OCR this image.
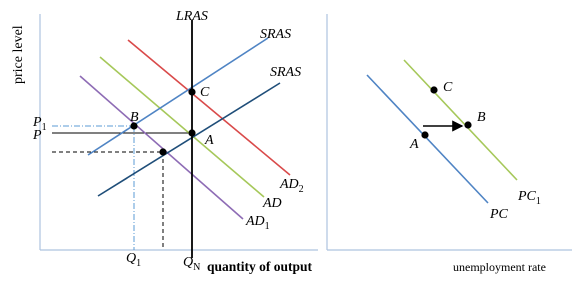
price level
LRAS
SRAS
SRAS
C
B
A
$P_1$
P
$AD_2$
AD
$AD_1$
$Q_1$	$Q_N$ quantity of output
C
B
A
$PC_1$
PC
unemployment rate
